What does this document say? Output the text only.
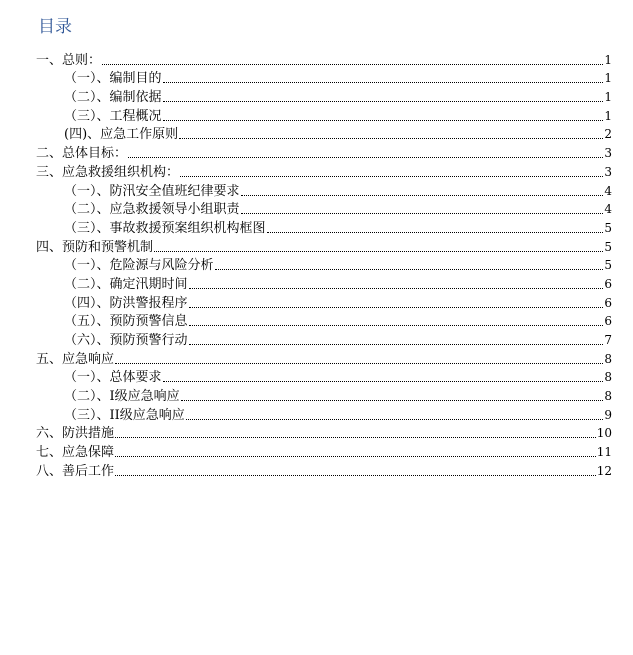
目录
一、总则：	1
（一）、编制目的	1
（二）、编制依据	1
（三）、工程概况	1
(四)、应急工作原则	2
二、总体目标：	3
三、应急救援组织机构：	3
（一）、防汛安全值班纪律要求	4
（二）、应急救援领导小组职责	4
（三）、事故救援预案组织机构框图	5
四、预防和预警机制	5
（一）、危险源与风险分析	5
（二）、确定汛期时间	6
（四）、防洪警报程序	6
（五）、预防预警信息	6
（六）、预防预警行动	7
五、应急响应	8
（一）、总体要求	8
（二）、I级应急响应	8
（三）、II级应急响应	9
六、防洪措施	10
七、应急保障	11
八、善后工作	12
